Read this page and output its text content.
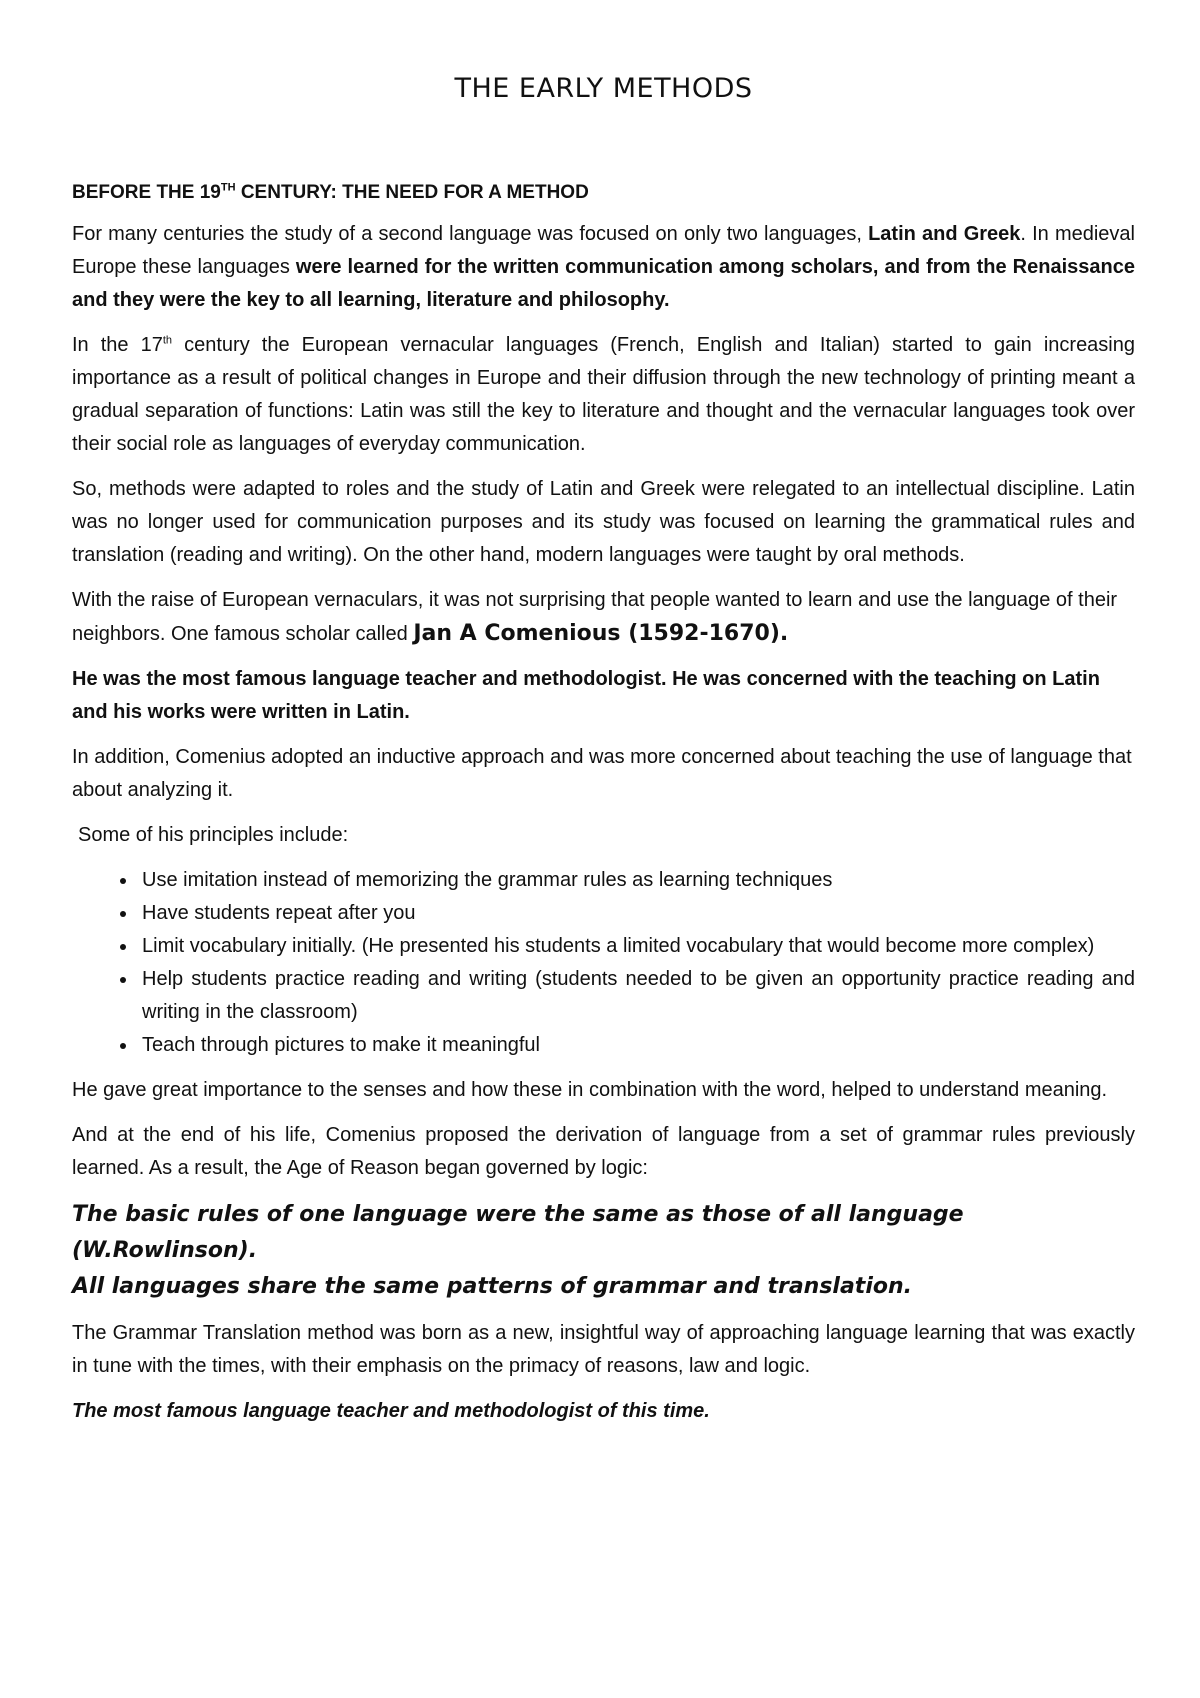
THE EARLY METHODS
BEFORE THE 19TH CENTURY: THE NEED FOR A METHOD

For many centuries the study of a second language was focused on only two languages, Latin and Greek. In medieval Europe these languages were learned for the written communication among scholars, and from the Renaissance and they were the key to all learning, literature and philosophy.

In the 17th century the European vernacular languages (French, English and Italian) started to gain increasing importance as a result of political changes in Europe and their diffusion through the new technology of printing meant a gradual separation of functions: Latin was still the key to literature and thought and the vernacular languages took over their social role as languages of everyday communication.

So, methods were adapted to roles and the study of Latin and Greek were relegated to an intellectual discipline. Latin was no longer used for communication purposes and its study was focused on learning the grammatical rules and translation (reading and writing). On the other hand, modern languages were taught by oral methods.

With the raise of European vernaculars, it was not surprising that people wanted to learn and use the language of their neighbors. One famous scholar called Jan A Comenious (1592-1670).

He was the most famous language teacher and methodologist. He was concerned with the teaching on Latin and his works were written in Latin.

In addition, Comenius adopted an inductive approach and was more concerned about teaching the use of language that about analyzing it.

Some of his principles include:

• Use imitation instead of memorizing the grammar rules as learning techniques
• Have students repeat after you
• Limit vocabulary initially. (He presented his students a limited vocabulary that would become more complex)
• Help students practice reading and writing (students needed to be given an opportunity practice reading and writing in the classroom)
• Teach through pictures to make it meaningful

He gave great importance to the senses and how these in combination with the word, helped to understand meaning.

And at the end of his life, Comenius proposed the derivation of language from a set of grammar rules previously learned. As a result, the Age of Reason began governed by logic:

The basic rules of one language were the same as those of all language (W.Rowlinson).
All languages share the same patterns of grammar and translation.

The Grammar Translation method was born as a new, insightful way of approaching language learning that was exactly in tune with the times, with their emphasis on the primacy of reasons, law and logic.

The most famous language teacher and methodologist of this time.
